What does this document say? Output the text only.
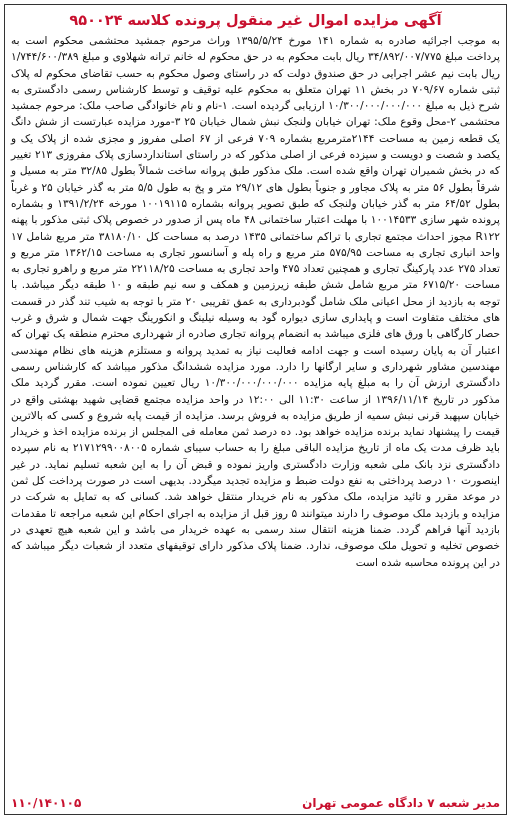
آگهی مزایده اموال غیر منقول پرونده کلاسه ۹۵۰۰۲۴
به موجب اجرائیه صادره به شماره ۱۴۱ مورخ ۱۳۹۵/۵/۲۴ وراث مرحوم جمشید محتشمی محکوم است به پرداخت مبلغ ۳۴/۸۹۲/۰۰۷/۷۷۵ ریال بابت محکوم به در حق محکوم له خانم ترانه شهلاوی و مبلغ ۱/۷۴۴/۶۰۰/۳۸۹ ریال بابت نیم عشر اجرایی در حق صندوق دولت که در راستای وصول محکوم به حسب تقاضای محکوم له پلاک ثبتی شماره ۷۰۹/۶۷ در بخش ۱۱ تهران متعلق به محکوم علیه توقیف و توسط کارشناس رسمی دادگستری به شرح ذیل به مبلغ ۱۰/۳۰۰/۰۰۰/۰۰۰/۰۰۰ ارزیابی گردیده است. ۱-نام و نام خانوادگی صاحب ملک: مرحوم جمشید محتشمی ۲-محل وقوع ملک: تهران خیابان ولنجک نبش شمال خیابان ۲۵ ۳-مورد مزایده عبارتست از شش دانگ یک قطعه زمین به مساحت ۲۱۴۴مترمربع بشماره ۷۰۹ فرعی از ۶۷ اصلی مفروز و مجزی شده از پلاک یک و یکصد و شصت و دویست و سیزده فرعی از اصلی مذکور که در راستای استانداردسازی پلاک مفروزی ۲۱۳ تغییر که در بخش شمیران تهران واقع شده است. ملک مذکور طبق پروانه ساخت شمالاً بطول ۳۲/۸۵ متر به مسیل و شرقاً بطول ۵۶ متر به پلاک مجاور و جنوباً بطول های ۲۹/۱۲ متر و پخ به طول ۵/۵ متر به گذر خیابان ۲۵ و غرباً بطول ۶۴/۵۲ متر به گذر خیابان ولنجک که طبق تصویر پروانه بشماره ۱۰۰۱۹۱۱۵ مورخه ۱۳۹۱/۲/۲۴ و بشماره پرونده شهر سازی ۱۰۰۱۴۵۳۳ با مهلت اعتبار ساختمانی ۴۸ ماه پس از صدور در خصوص پلاک ثبتی مذکور با پهنه R۱۲۲ مجوز احداث مجتمع تجاری با تراکم ساختمانی ۱۴۳۵ درصد به مساحت کل ۳۸۱۸۰/۱۰ متر مربع شامل ۱۷ واحد انباری تجاری به مساحت ۵۷۵/۹۵ متر مربع و راه پله و آسانسور تجاری به مساحت ۱۳۶۲/۱۵ متر مربع و تعداد ۲۷۵ عدد پارکینگ تجاری و همچنین تعداد ۴۷۵ واحد تجاری به مساحت ۲۲۱۱۸/۲۵ متر مربع و راهرو تجاری به مساحت ۶۷۱۵/۲۰ متر مربع شامل شش طبقه زیرزمین و همکف و سه نیم طبقه و ۱۰ طبقه دیگر میباشد. با توجه به بازدید از محل اعیانی ملک شامل گودبرداری به عمق تقریبی ۲۰ متر با توجه به شیب تند گذر در قسمت های مختلف متفاوت است و پایداری سازی دیواره گود به وسیله نیلینگ و انکورینگ جهت شمال و شرق و غرب حصار کارگاهی با ورق های فلزی میباشد به انضمام پروانه تجاری صادره از شهرداری محترم منطقه یک تهران که اعتبار آن به پایان رسیده است و جهت ادامه فعالیت نیاز به تمدید پروانه و مستلزم هزینه های نظام مهندسی مهندسین مشاور شهرداری و سایر ارگانها را دارد. مورد مزایده ششدانگ مذکور میباشد که کارشناس رسمی دادگستری ارزش آن را به مبلغ پایه مزایده ۱۰/۳۰۰/۰۰۰/۰۰۰/۰۰۰ ریال تعیین نموده است. مقرر گردید ملک مذکور در تاریخ ۱۳۹۶/۱۱/۱۴ از ساعت ۱۱:۳۰ الی ۱۲:۰۰ در واحد مزایده مجتمع قضایی شهید بهشتی واقع در خیابان سپهبد قرنی نبش سمیه از طریق مزایده به فروش برسد. مزایده از قیمت پایه شروع و کسی که بالاترین قیمت را پیشنهاد نماید برنده مزایده خواهد بود. ده درصد ثمن معامله فی المجلس از برنده مزایده اخذ و خریدار باید ظرف مدت یک ماه از تاریخ مزایده الباقی مبلغ را به حساب سیبای شماره ۲۱۷۱۲۹۹۰۰۸۰۰۵ به نام سپرده دادگستری نزد بانک ملی شعبه وزارت دادگستری واریز نموده و قبض آن را به این شعبه تسلیم نماید. در غیر اینصورت ۱۰ درصد پرداختی به نفع دولت ضبط و مزایده تجدید میگردد. بدیهی است در صورت پرداخت کل ثمن در موعد مقرر و تائید مزایده، ملک مذکور به نام خریدار منتقل خواهد شد. کسانی که به تمایل به شرکت در مزایده و بازدید ملک موصوف را دارند میتوانند ۵ روز قبل از مزایده به اجرای احکام این شعبه مراجعه تا مقدمات بازدید آنها فراهم گردد. ضمنا هزینه انتقال سند رسمی به عهده خریدار می باشد و این شعبه هیچ تعهدی در خصوص تخلیه و تحویل ملک موصوف، ندارد. ضمنا پلاک مذکور دارای توقیفهای متعدد از شعبات دیگر میباشد که در این پرونده محاسبه شده است
مدیر شعبه ۷ دادگاه عمومی تهران
۱۱۰/۱۴۰۱۰۵
